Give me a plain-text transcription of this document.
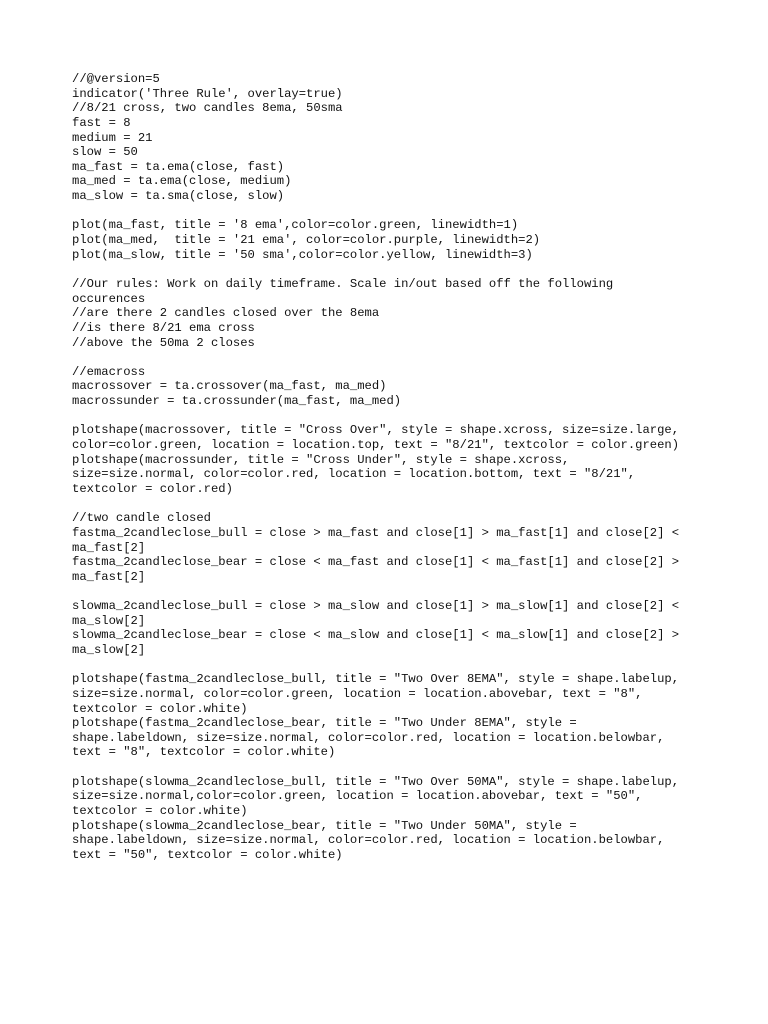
//@version=5
indicator('Three Rule', overlay=true)
//8/21 cross, two candles 8ema, 50sma
fast = 8
medium = 21
slow = 50
ma_fast = ta.ema(close, fast)
ma_med = ta.ema(close, medium)
ma_slow = ta.sma(close, slow)
plot(ma_fast, title = '8 ema',color=color.green, linewidth=1)
plot(ma_med,  title = '21 ema', color=color.purple, linewidth=2)
plot(ma_slow, title = '50 sma',color=color.yellow, linewidth=3)
//Our rules: Work on daily timeframe. Scale in/out based off the following
occurences
//are there 2 candles closed over the 8ema
//is there 8/21 ema cross
//above the 50ma 2 closes
//emacross
macrossover = ta.crossover(ma_fast, ma_med)
macrossunder = ta.crossunder(ma_fast, ma_med)
plotshape(macrossover, title = "Cross Over", style = shape.xcross, size=size.large,
color=color.green, location = location.top, text = "8/21", textcolor = color.green)
plotshape(macrossunder, title = "Cross Under", style = shape.xcross,
size=size.normal, color=color.red, location = location.bottom, text = "8/21",
textcolor = color.red)
//two candle closed
fastma_2candleclose_bull = close > ma_fast and close[1] > ma_fast[1] and close[2] <
ma_fast[2]
fastma_2candleclose_bear = close < ma_fast and close[1] < ma_fast[1] and close[2] >
ma_fast[2]
slowma_2candleclose_bull = close > ma_slow and close[1] > ma_slow[1] and close[2] <
ma_slow[2]
slowma_2candleclose_bear = close < ma_slow and close[1] < ma_slow[1] and close[2] >
ma_slow[2]
plotshape(fastma_2candleclose_bull, title = "Two Over 8EMA", style = shape.labelup,
size=size.normal, color=color.green, location = location.abovebar, text = "8",
textcolor = color.white)
plotshape(fastma_2candleclose_bear, title = "Two Under 8EMA", style =
shape.labeldown, size=size.normal, color=color.red, location = location.belowbar,
text = "8", textcolor = color.white)
plotshape(slowma_2candleclose_bull, title = "Two Over 50MA", style = shape.labelup,
size=size.normal,color=color.green, location = location.abovebar, text = "50",
textcolor = color.white)
plotshape(slowma_2candleclose_bear, title = "Two Under 50MA", style =
shape.labeldown, size=size.normal, color=color.red, location = location.belowbar,
text = "50", textcolor = color.white)
